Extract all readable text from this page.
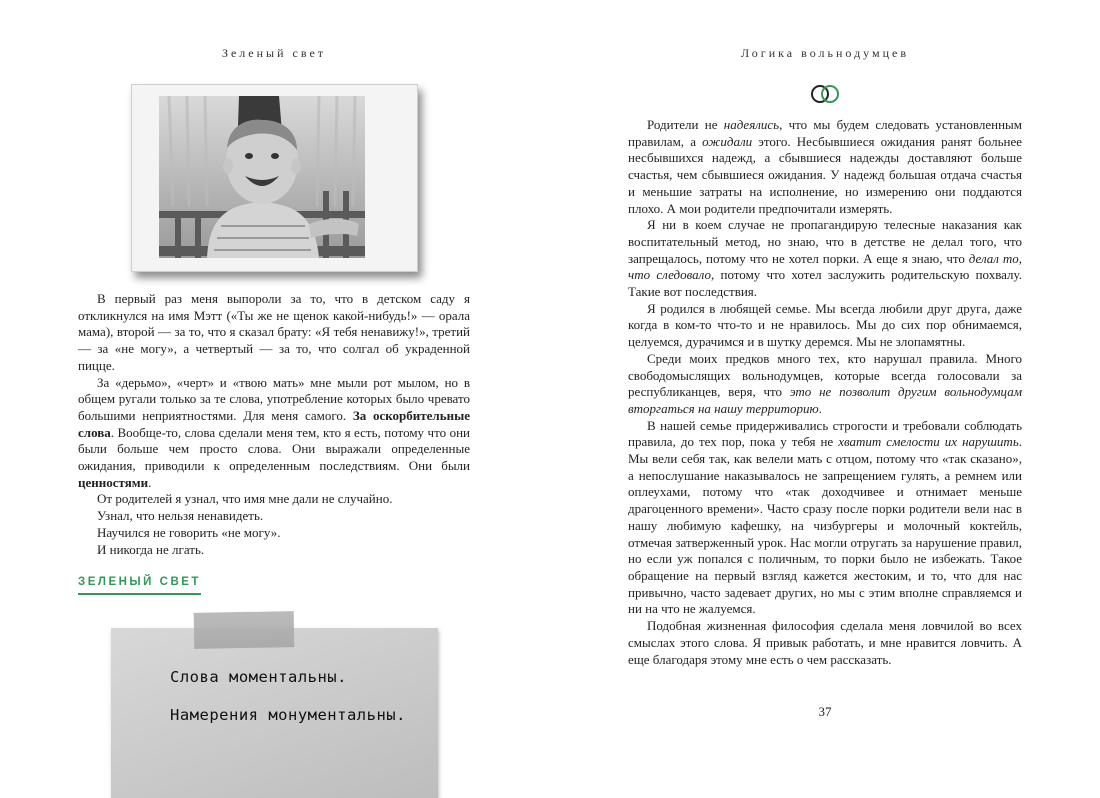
Зеленый свет

В первый раз меня выпороли за то, что в детском саду я откликнулся на имя Мэтт («Ты же не щенок какой-нибудь!» — орала мама), второй — за то, что я сказал брату: «Я тебя ненавижу!», третий — за «не могу», а четвертый — за то, что солгал об украденной пицце.

За «дерьмо», «черт» и «твою мать» мне мыли рот мылом, но в общем ругали только за те слова, употребление которых было чревато большими неприятностями. Для меня самого. За оскорбительные слова. Вообще-то, слова сделали меня тем, кто я есть, потому что они были больше чем просто слова. Они выражали определенные ожидания, приводили к определенным последствиям. Они были ценностями.

От родителей я узнал, что имя мне дали не случайно.

Узнал, что нельзя ненавидеть.

Научился не говорить «не могу».

И никогда не лгать.

ЗЕЛЕНЫЙ СВЕТ
Слова моментальны.
Намерения монументальны.
Логика вольнодумцев

Родители не надеялись, что мы будем следовать установленным правилам, а ожидали этого. Несбывшиеся ожидания ранят больнее несбывшихся надежд, а сбывшиеся надежды доставляют больше счастья, чем сбывшиеся ожидания. У надежд большая отдача счастья и меньшие затраты на исполнение, но измерению они поддаются плохо. А мои родители предпочитали измерять.

Я ни в коем случае не пропагандирую телесные наказания как воспитательный метод, но знаю, что в детстве не делал того, что запрещалось, потому что не хотел порки. А еще я знаю, что делал то, что следовало, потому что хотел заслужить родительскую похвалу. Такие вот последствия.

Я родился в любящей семье. Мы всегда любили друг друга, даже когда в ком-то что-то и не нравилось. Мы до сих пор обнимаемся, целуемся, дурачимся и в шутку деремся. Мы не злопамятны.

Среди моих предков много тех, кто нарушал правила. Много свободомыслящих вольнодумцев, которые всегда голосовали за республиканцев, веря, что это не позволит другим вольнодумцам вторгаться на нашу территорию.

В нашей семье придерживались строгости и требовали соблюдать правила, до тех пор, пока у тебя не хватит смелости их нарушить. Мы вели себя так, как велели мать с отцом, потому что «так сказано», а непослушание наказывалось не запрещением гулять, а ремнем или оплеухами, потому что «так доходчивее и отнимает меньше драгоценного времени». Часто сразу после порки родители вели нас в нашу любимую кафешку, на чизбургеры и молочный коктейль, отмечая затверженный урок. Нас могли отругать за нарушение правил, но если уж попался с поличным, то порки было не избежать. Такое обращение на первый взгляд кажется жестоким, и то, что для нас привычно, часто задевает других, но мы с этим вполне справляемся и ни на что не жалуемся.

Подобная жизненная философия сделала меня ловчилой во всех смыслах этого слова. Я привык работать, и мне нравится ловчить. А еще благодаря этому мне есть о чем рассказать.

37
